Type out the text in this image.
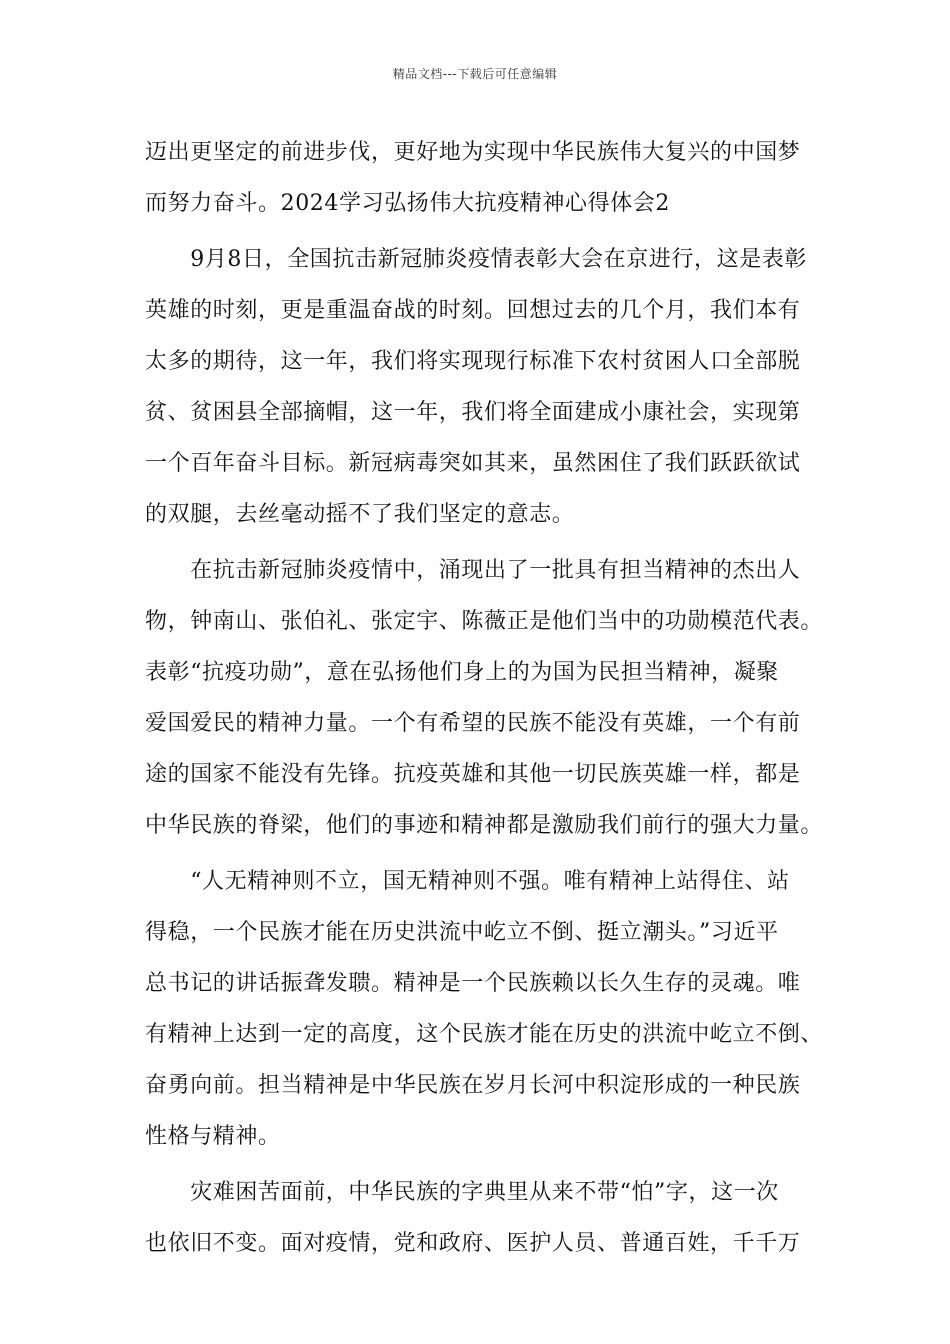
精品文档---下载后可任意编辑
迈出更坚定的前进步伐，更好地为实现中华民族伟大复兴的中国梦
而努力奋斗。2024学习弘扬伟大抗疫精神心得体会2
　　9月8日，全国抗击新冠肺炎疫情表彰大会在京进行，这是表彰
英雄的时刻，更是重温奋战的时刻。回想过去的几个月，我们本有
太多的期待，这一年，我们将实现现行标准下农村贫困人口全部脱
贫、贫困县全部摘帽，这一年，我们将全面建成小康社会，实现第
一个百年奋斗目标。新冠病毒突如其来，虽然困住了我们跃跃欲试
的双腿，去丝毫动摇不了我们坚定的意志。
　　在抗击新冠肺炎疫情中，涌现出了一批具有担当精神的杰出人
物，钟南山、张伯礼、张定宇、陈薇正是他们当中的功勋模范代表。
表彰“抗疫功勋”，意在弘扬他们身上的为国为民担当精神，凝聚
爱国爱民的精神力量。一个有希望的民族不能没有英雄，一个有前
途的国家不能没有先锋。抗疫英雄和其他一切民族英雄一样，都是
中华民族的脊梁，他们的事迹和精神都是激励我们前行的强大力量。
　　“人无精神则不立，国无精神则不强。唯有精神上站得住、站
得稳，一个民族才能在历史洪流中屹立不倒、挺立潮头。”习近平
总书记的讲话振聋发聩。精神是一个民族赖以长久生存的灵魂。唯
有精神上达到一定的高度，这个民族才能在历史的洪流中屹立不倒、
奋勇向前。担当精神是中华民族在岁月长河中积淀形成的一种民族
性格与精神。
　　灾难困苦面前，中华民族的字典里从来不带“怕”字，这一次
也依旧不变。面对疫情，党和政府、医护人员、普通百姓，千千万
